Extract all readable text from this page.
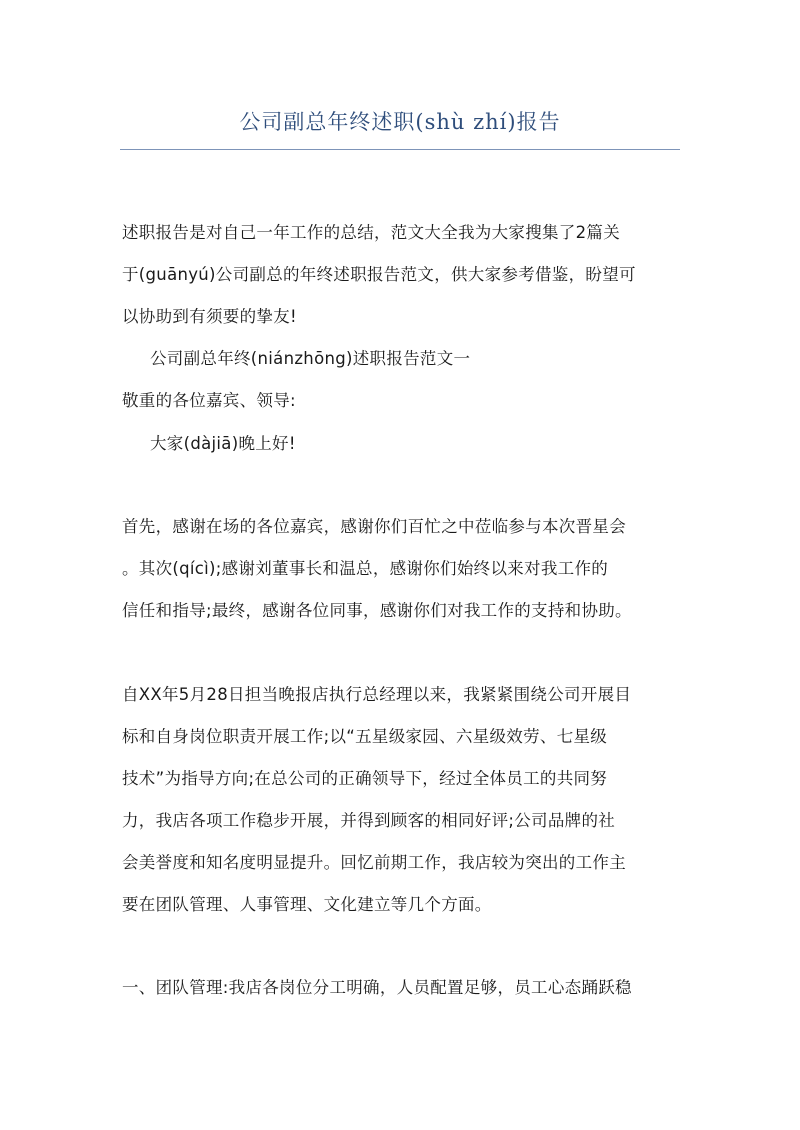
公司副总年终述职(shù zhí)报告
述职报告是对自己一年工作的总结，范文大全我为大家搜集了2篇关
于(guānyú)公司副总的年终述职报告范文，供大家参考借鉴，盼望可
以协助到有须要的挚友!
公司副总年终(niánzhōng)述职报告范文一
敬重的各位嘉宾、领导:
大家(dàjiā)晚上好!
首先，感谢在场的各位嘉宾，感谢你们百忙之中莅临参与本次晋星会
。其次(qícì);感谢刘董事长和温总，感谢你们始终以来对我工作的
信任和指导;最终，感谢各位同事，感谢你们对我工作的支持和协助。
自XX年5月28日担当晚报店执行总经理以来，我紧紧围绕公司开展目
标和自身岗位职责开展工作;以“五星级家园、六星级效劳、七星级
技术”为指导方向;在总公司的正确领导下，经过全体员工的共同努
力，我店各项工作稳步开展，并得到顾客的相同好评;公司品牌的社
会美誉度和知名度明显提升。回忆前期工作，我店较为突出的工作主
要在团队管理、人事管理、文化建立等几个方面。
一、团队管理:我店各岗位分工明确，人员配置足够，员工心态踊跃稳
